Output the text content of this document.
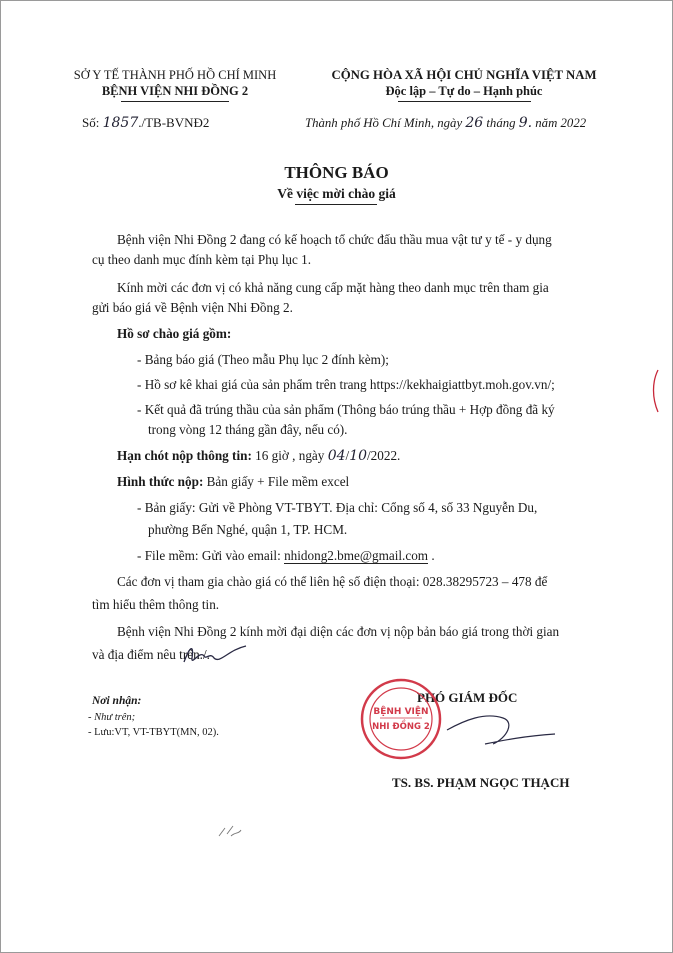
SỞ Y TẾ THÀNH PHỐ HỒ CHÍ MINH
BỆNH VIỆN NHI ĐỒNG 2
Số: 1857./TB-BVNĐ2
CỘNG HÒA XÃ HỘI CHỦ NGHĨA VIỆT NAM
Độc lập – Tự do – Hạnh phúc
Thành phố Hồ Chí Minh, ngày 26 tháng 9. năm 2022
THÔNG BÁO
Về việc mời chào giá
Bệnh viện Nhi Đồng 2 đang có kế hoạch tổ chức đấu thầu mua vật tư y tế - y dụng
cụ theo danh mục đính kèm tại Phụ lục 1.
Kính mời các đơn vị có khả năng cung cấp mặt hàng theo danh mục trên tham gia
gửi báo giá về Bệnh viện Nhi Đồng 2.
Hồ sơ chào giá gồm:
- Bảng báo giá (Theo mẫu Phụ lục 2 đính kèm);
- Hồ sơ kê khai giá của sản phẩm trên trang https://kekhaigiattbyt.moh.gov.vn/;
- Kết quả đã trúng thầu của sản phẩm (Thông báo trúng thầu + Hợp đồng đã ký
trong vòng 12 tháng gần đây, nếu có).
Hạn chót nộp thông tin: 16 giờ , ngày 04/10/2022.
Hình thức nộp: Bản giấy + File mềm excel
- Bản giấy: Gửi về Phòng VT-TBYT. Địa chỉ: Cổng số 4, số 33 Nguyễn Du,
phường Bến Nghé, quận 1, TP. HCM.
- File mềm: Gửi vào email: nhidong2.bme@gmail.com .
Các đơn vị tham gia chào giá có thể liên hệ số điện thoại: 028.38295723 – 478 để
tìm hiểu thêm thông tin.
Bệnh viện Nhi Đồng 2 kính mời đại diện các đơn vị nộp bản báo giá trong thời gian
và địa điểm nêu trên./.
Nơi nhận:
- Như trên;
- Lưu:VT, VT-TBYT(MN, 02).
PHÓ GIÁM ĐỐC
BỆNH VIỆN
NHI ĐỒNG 2
TS. BS. PHẠM NGỌC THẠCH
